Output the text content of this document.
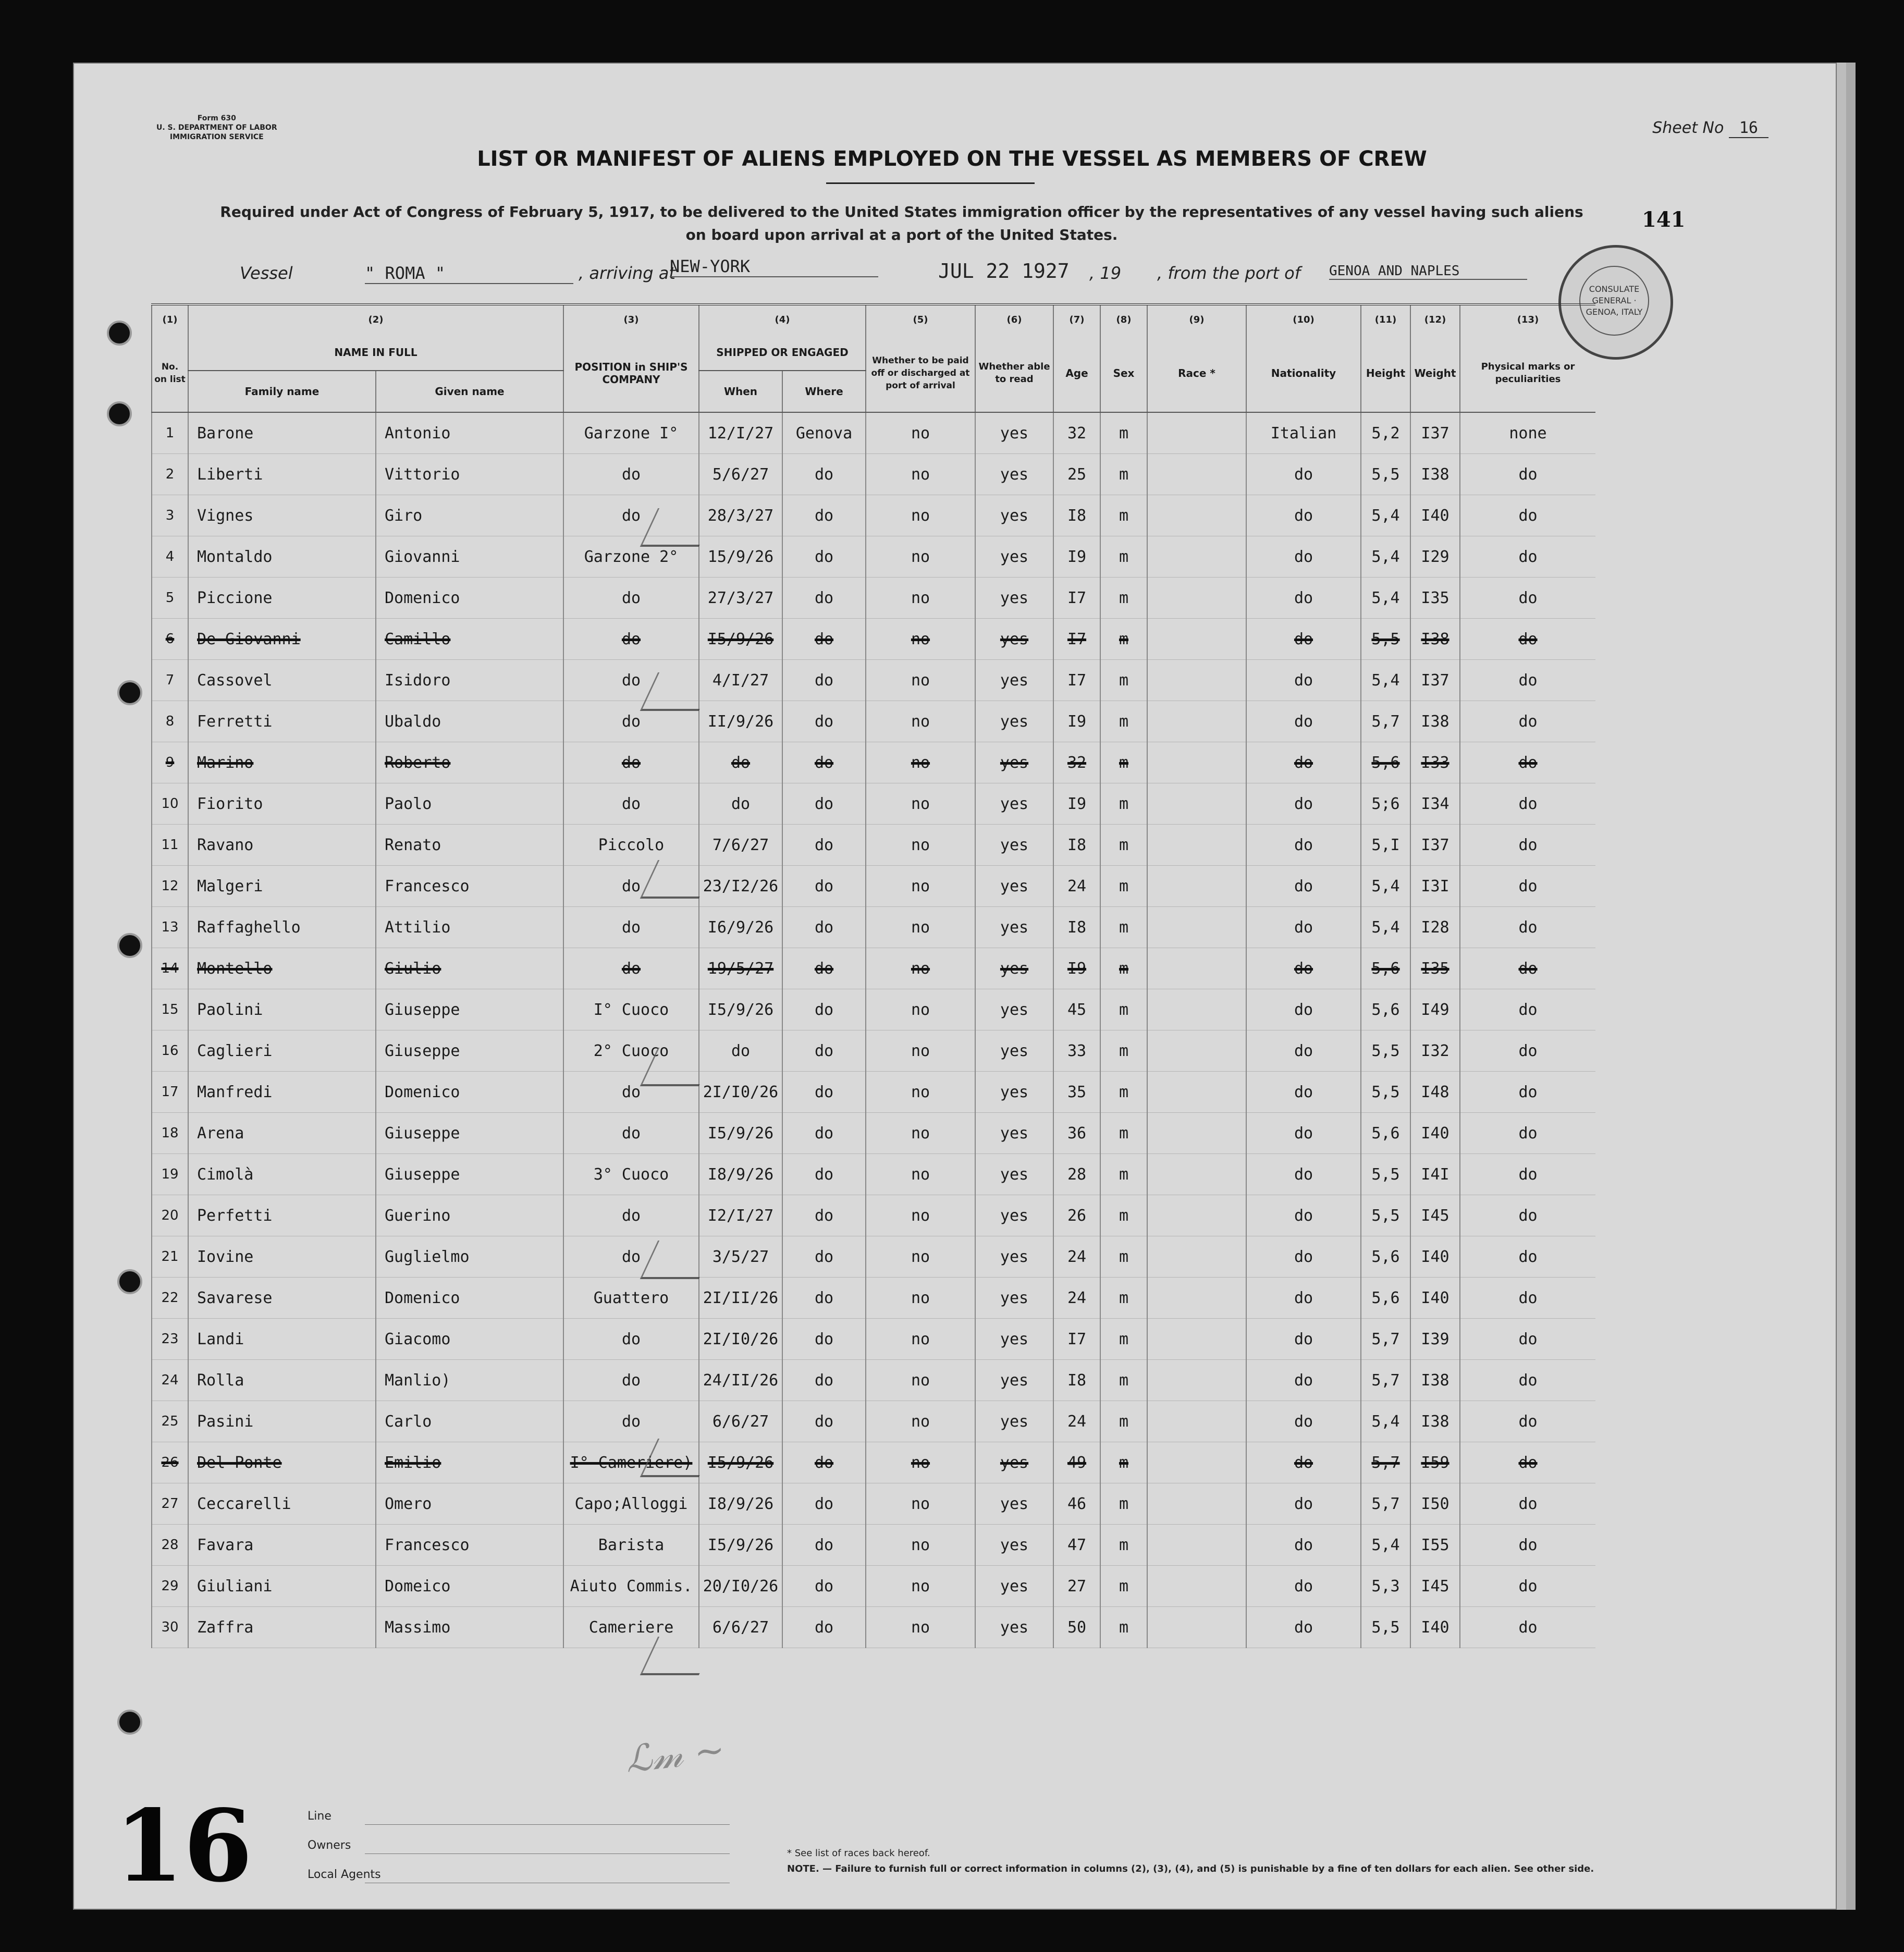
Form 630
U. S. DEPARTMENT OF LABOR
IMMIGRATION SERVICE	Sheet No 16
LIST OR MANIFEST OF ALIENS EMPLOYED ON THE VESSEL AS MEMBERS OF CREW
Required under Act of Congress of February 5, 1917, to be delivered to the United States immigration officer by the representatives of any vessel having such aliens
on board upon arrival at a port of the United States.
141
Vessel	" ROMA "	, arriving at
NEW-YORK	JUL 22 1927 , 19 , from the port of GENOA AND NAPLES
CONSULATE GENERAL · GENOA, ITALY
(1)	(2)		(3)	(4)		(5)	(6)	(7)	(8)	(9)	(10)	(11)	(12)	(13)
No. on list	NAME IN FULL		POSITION in SHIP'S COMPANY	SHIPPED OR ENGAGED		Whether to be paid off or discharged at port of arrival	Whether able to read	Age	Sex	Race *	Nationality	Height	Weight	Physical marks or peculiarities
	Family name	Given name		When	Where									
1	Barone	Antonio	Garzone I°	12/I/27	Genova	no	yes	32	m		Italian	5,2	I37	none
2	Liberti	Vittorio	do	5/6/27	do	no	yes	25	m		do	5,5	I38	do
3	Vignes	Giro	do	28/3/27	do	no	yes	I8	m		do	5,4	I40	do
4	Montaldo	Giovanni	Garzone 2°	15/9/26	do	no	yes	I9	m		do	5,4	I29	do
5	Piccione	Domenico	do	27/3/27	do	no	yes	I7	m		do	5,4	I35	do
6	De Giovanni	Camillo	do	I5/9/26	do	no	yes	I7	m		do	5,5	I38	do
7	Cassovel	Isidoro	do	4/I/27	do	no	yes	I7	m		do	5,4	I37	do
8	Ferretti	Ubaldo	do	II/9/26	do	no	yes	I9	m		do	5,7	I38	do
9	Marino	Roberto	do	do	do	no	yes	32	m		do	5,6	I33	do
10	Fiorito	Paolo	do	do	do	no	yes	I9	m		do	5;6	I34	do
11	Ravano	Renato	Piccolo	7/6/27	do	no	yes	I8	m		do	5,I	I37	do
12	Malgeri	Francesco	do	23/I2/26	do	no	yes	24	m		do	5,4	I3I	do
13	Raffaghello	Attilio	do	I6/9/26	do	no	yes	I8	m		do	5,4	I28	do
14	Montello	Giulio	do	19/5/27	do	no	yes	I9	m		do	5,6	I35	do
15	Paolini	Giuseppe	I° Cuoco	I5/9/26	do	no	yes	45	m		do	5,6	I49	do
16	Caglieri	Giuseppe	2° Cuoco	do	do	no	yes	33	m		do	5,5	I32	do
17	Manfredi	Domenico	do	2I/I0/26	do	no	yes	35	m		do	5,5	I48	do
18	Arena	Giuseppe	do	I5/9/26	do	no	yes	36	m		do	5,6	I40	do
19	Cimolà	Giuseppe	3° Cuoco	I8/9/26	do	no	yes	28	m		do	5,5	I4I	do
20	Perfetti	Guerino	do	I2/I/27	do	no	yes	26	m		do	5,5	I45	do
21	Iovine	Guglielmo	do	3/5/27	do	no	yes	24	m		do	5,6	I40	do
22	Savarese	Domenico	Guattero	2I/II/26	do	no	yes	24	m		do	5,6	I40	do
23	Landi	Giacomo	do	2I/I0/26	do	no	yes	I7	m		do	5,7	I39	do
24	Rolla	Manlio)	do	24/II/26	do	no	yes	I8	m		do	5,7	I38	do
25	Pasini	Carlo	do	6/6/27	do	no	yes	24	m		do	5,4	I38	do
26	Del Ponte	Emilio	I° Cameriere)	I5/9/26	do	no	yes	49	m		do	5,7	I59	do
27	Ceccarelli	Omero	Capo;Alloggi	I8/9/26	do	no	yes	46	m		do	5,7	I50	do
28	Favara	Francesco	Barista	I5/9/26	do	no	yes	47	m		do	5,4	I55	do
29	Giuliani	Domeico	Aiuto Commis.	20/I0/26	do	no	yes	27	m		do	5,3	I45	do
30	Zaffra	Massimo	Cameriere	6/6/27	do	no	yes	50	m		do	5,5	I40	do
ℒ𝓂 ~
16	Line
Owners
Local Agents
* See list of races back hereof.
NOTE. — Failure to furnish full or correct information in columns (2), (3), (4), and (5) is punishable by a fine of ten dollars for each alien. See other side.
